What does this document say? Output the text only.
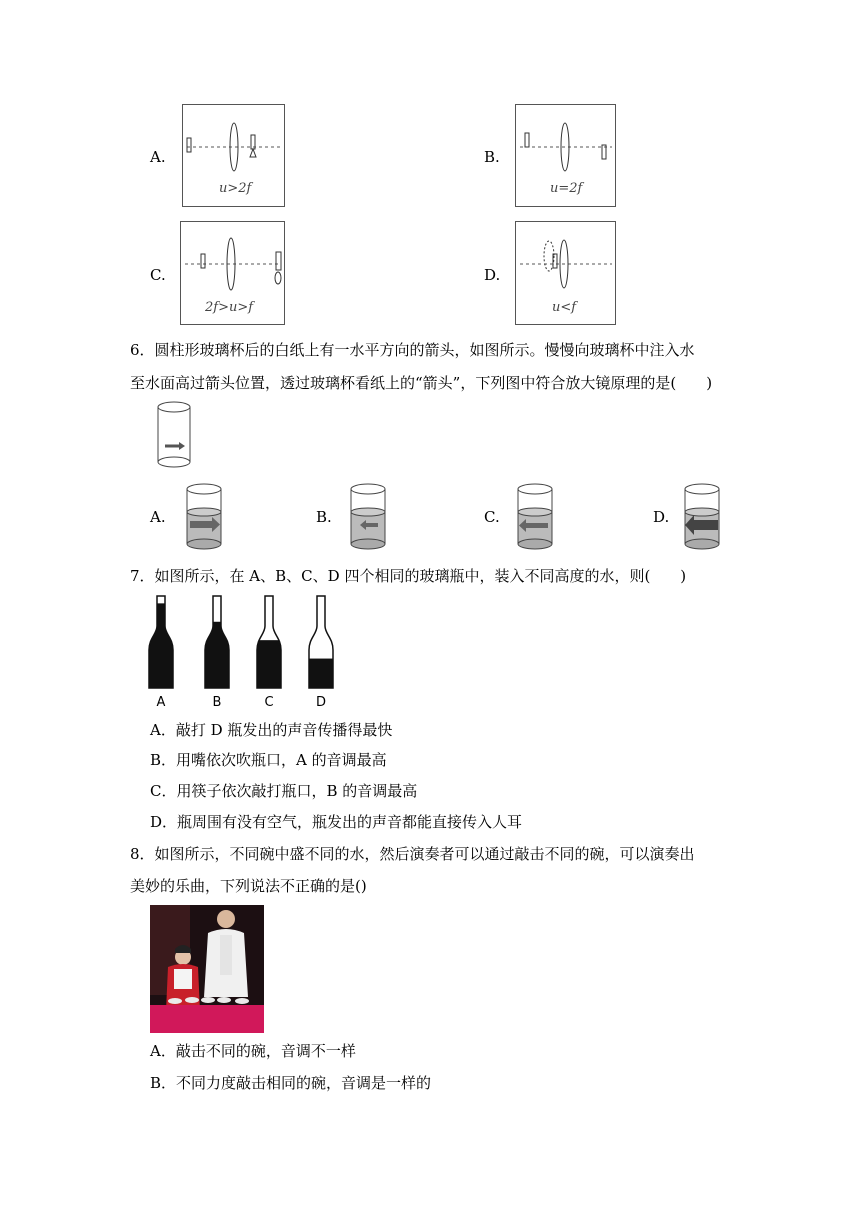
A.
u>2f
B.
u=2f
C.
2f>u>f
D.
u<f
6．圆柱形玻璃杯后的白纸上有一水平方向的箭头，如图所示。慢慢向玻璃杯中注入水
至水面高过箭头位置，透过玻璃杯看纸上的“箭头”，下列图中符合放大镜原理的是(　　)
A.	B.	C.	D.
7．如图所示，在 A、B、C、D 四个相同的玻璃瓶中，装入不同高度的水，则(　　)
A	B	C	D
A．敲打 D 瓶发出的声音传播得最快
B．用嘴依次吹瓶口，A 的音调最高
C．用筷子依次敲打瓶口，B 的音调最高
D．瓶周围有没有空气，瓶发出的声音都能直接传入人耳
8．如图所示，不同碗中盛不同的水，然后演奏者可以通过敲击不同的碗，可以演奏出
美妙的乐曲，下列说法不正确的是()
A．敲击不同的碗，音调不一样
B．不同力度敲击相同的碗，音调是一样的
